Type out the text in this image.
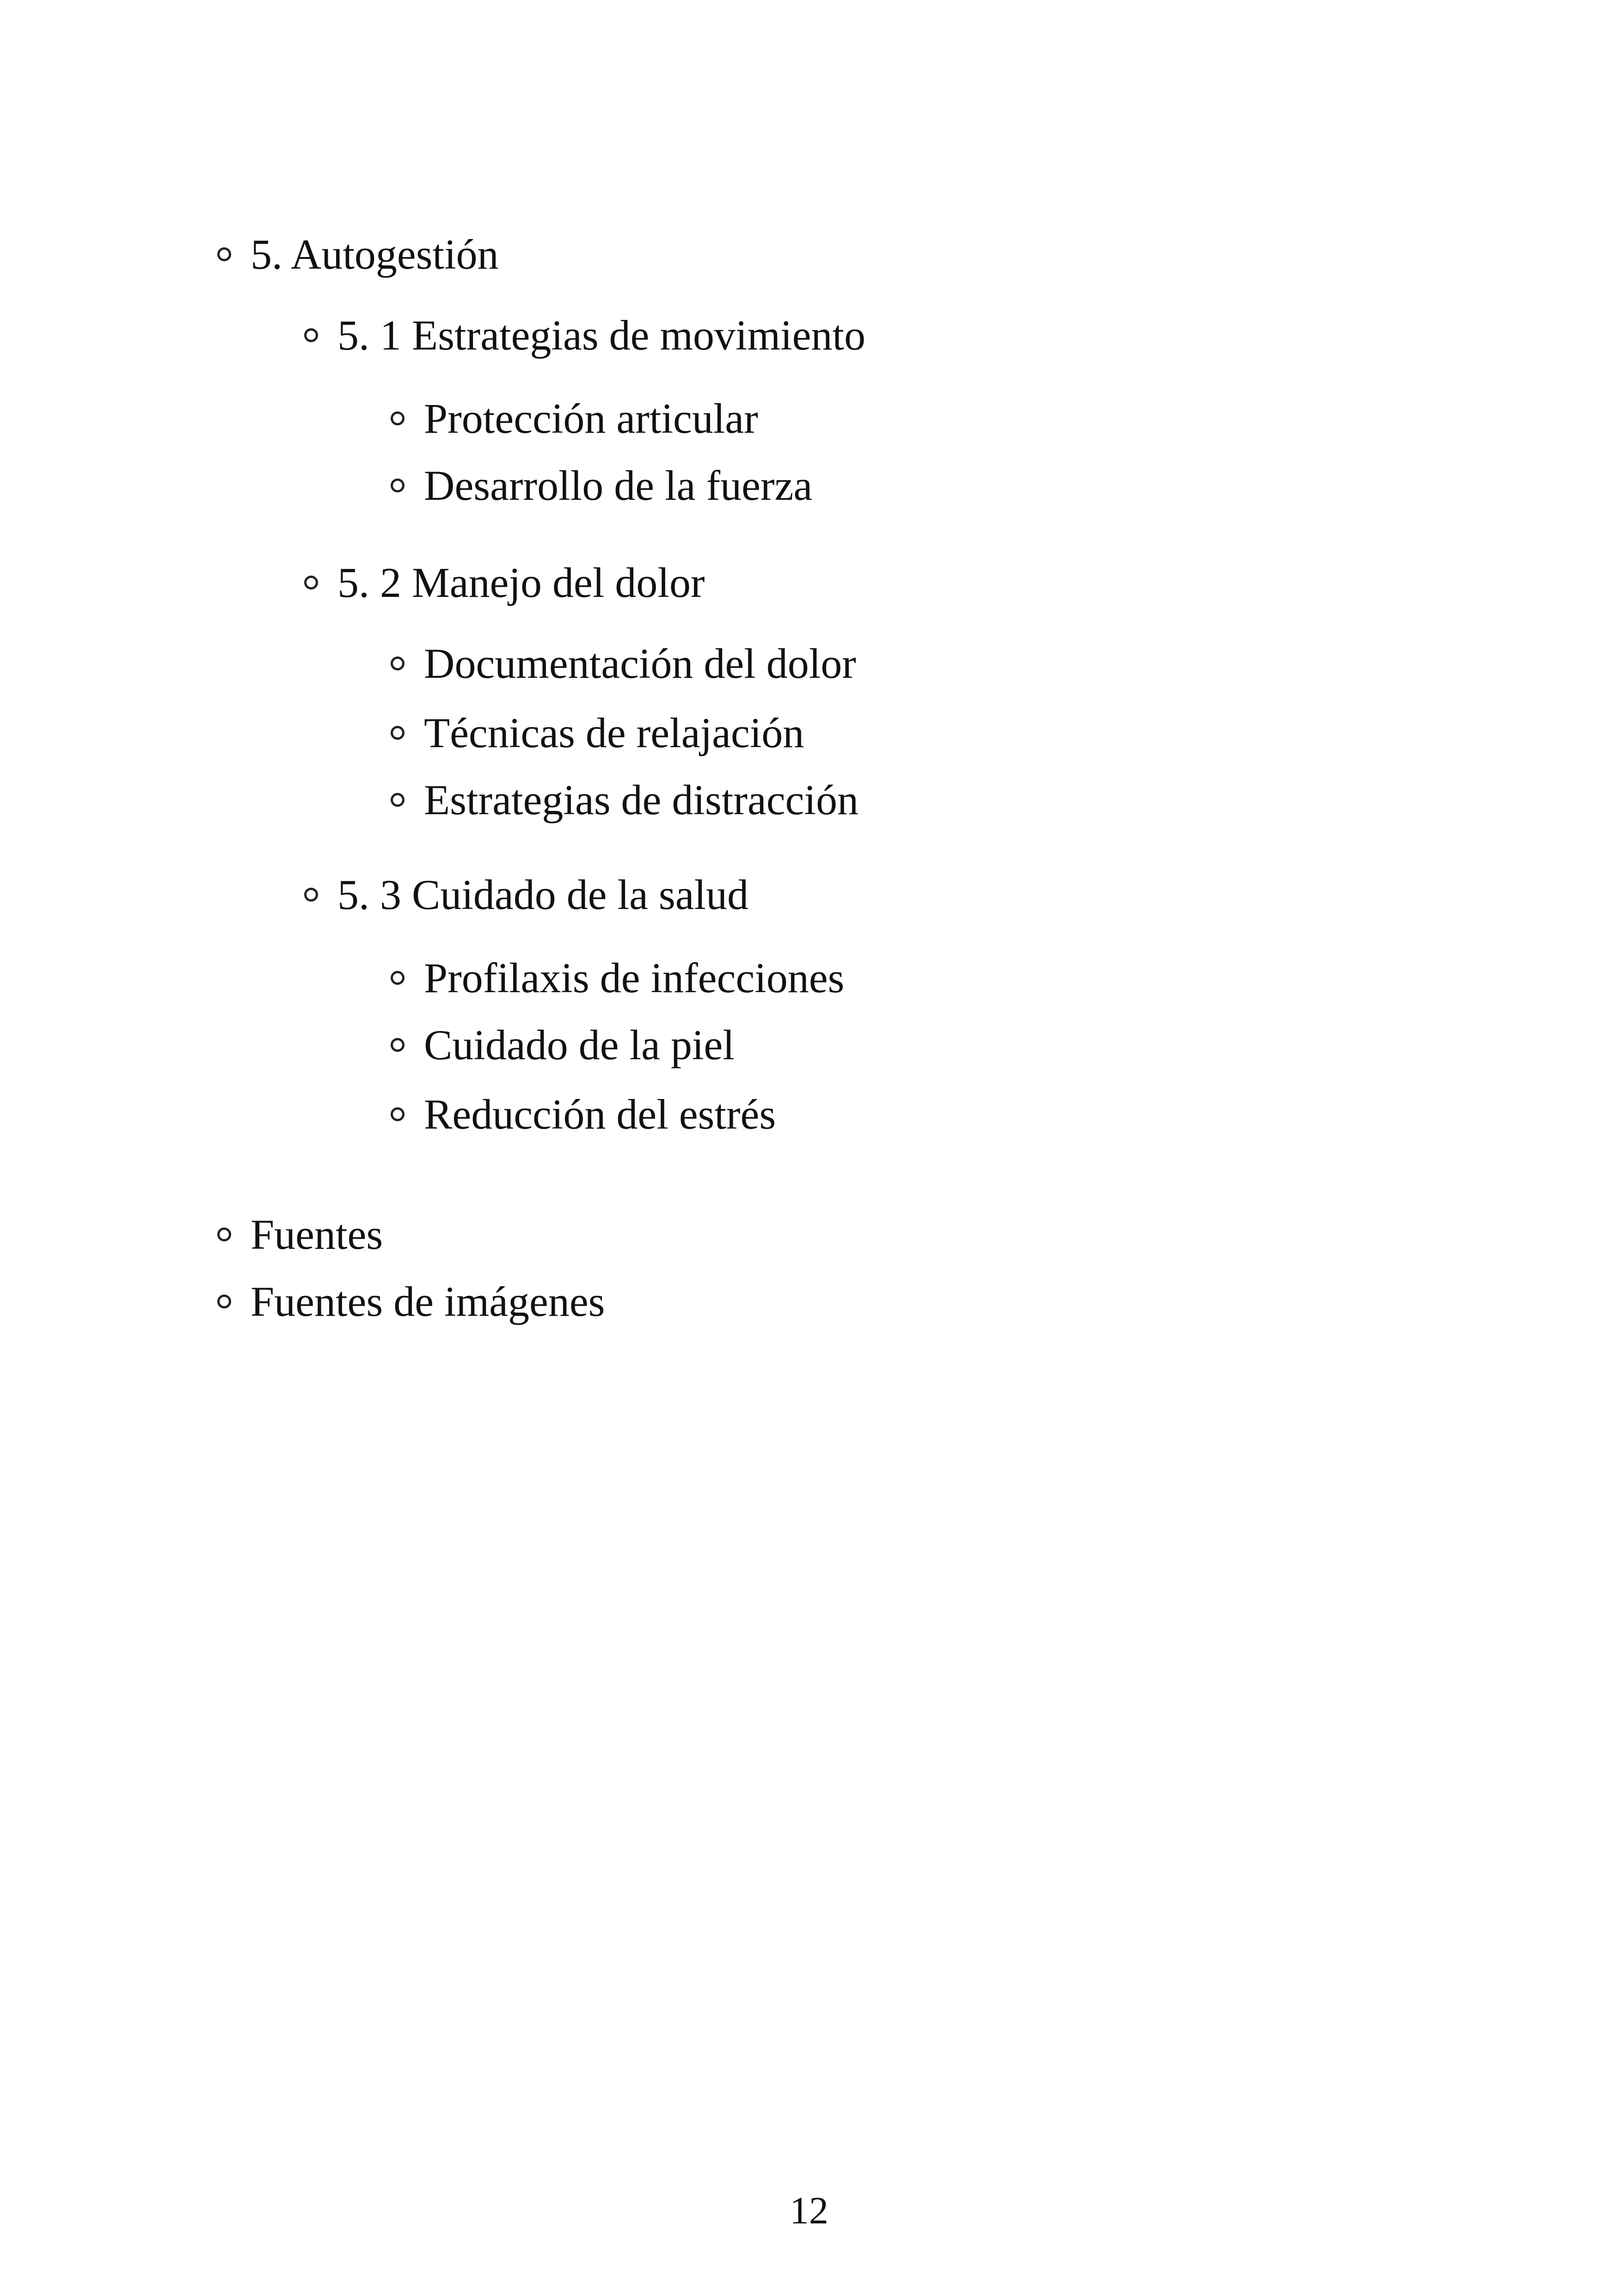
5. Autogestión
5. 1 Estrategias de movimiento
Protección articular
Desarrollo de la fuerza
5. 2 Manejo del dolor
Documentación del dolor
Técnicas de relajación
Estrategias de distracción
5. 3 Cuidado de la salud
Profilaxis de infecciones
Cuidado de la piel
Reducción del estrés
Fuentes
Fuentes de imágenes
12
